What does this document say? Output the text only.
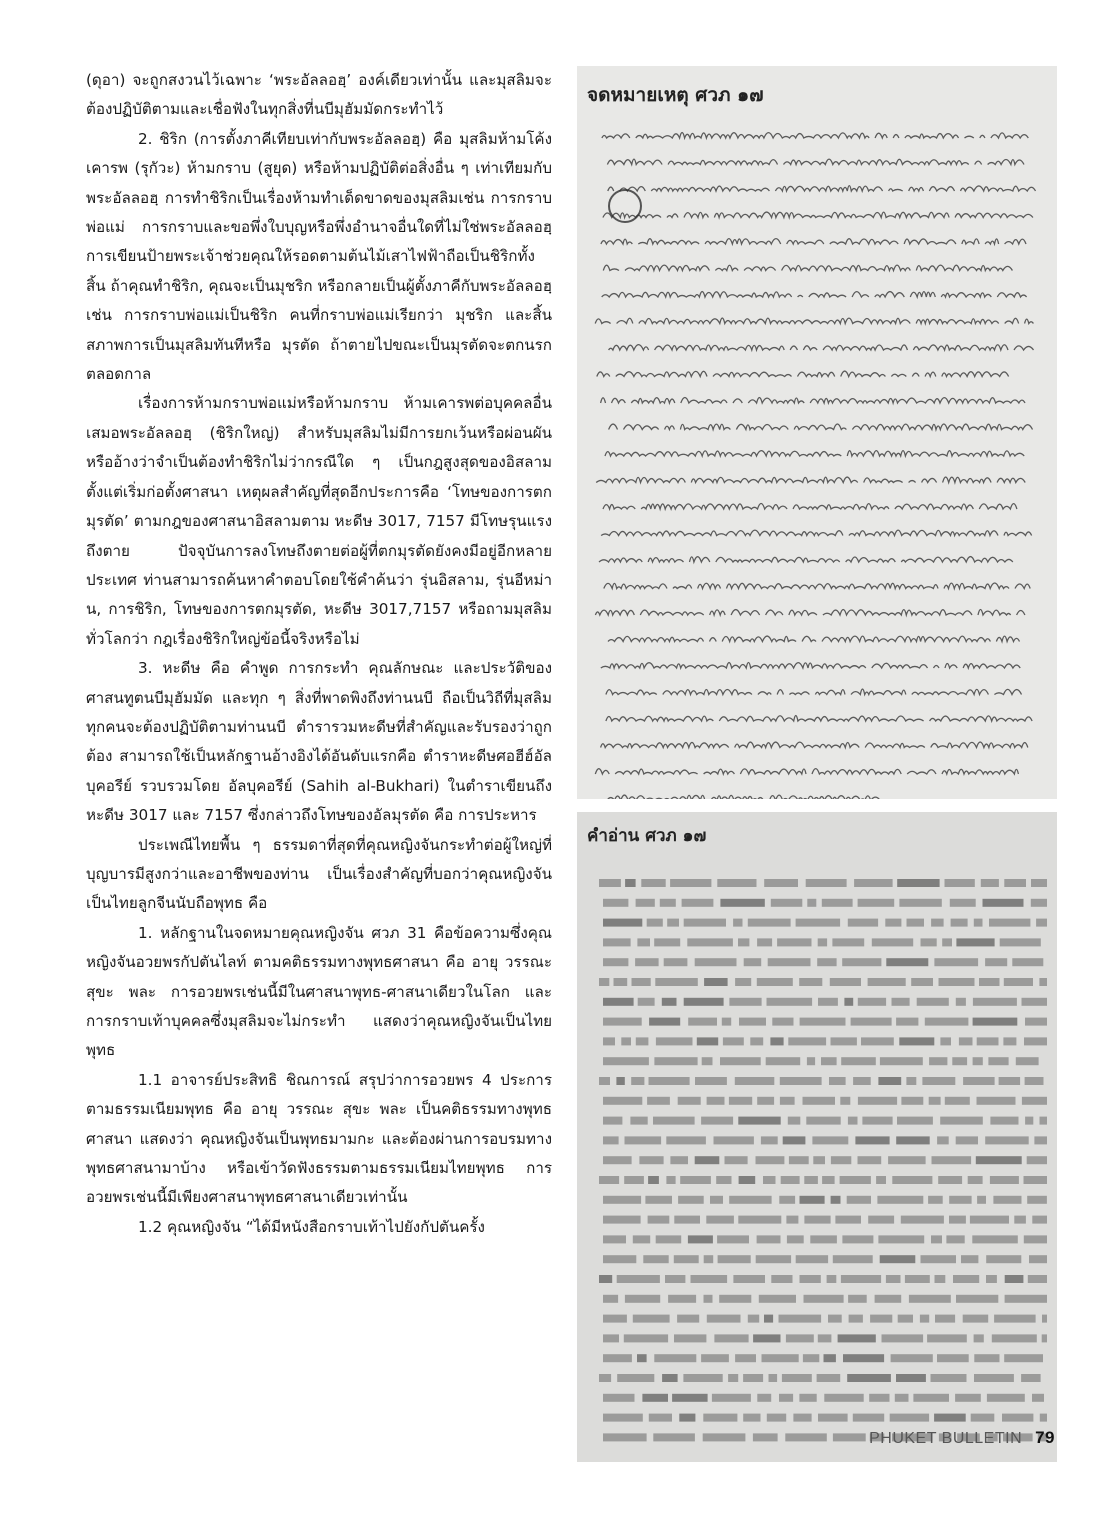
(ดุอา) จะถูกสงวนไว้เฉพาะ ‘พระอัลลอฮฺ’ องค์เดียวเท่านั้น และมุสลิมจะต้องปฏิบัติตามและเชื่อฟังในทุกสิ่งที่นบีมุฮัมมัดกระทำไว้

2. ชิริก (การตั้งภาคีเทียบเท่ากับพระอัลลอฮฺ) คือ มุสลิมห้ามโค้งเคารพ (รุกัวะ) ห้ามกราบ (สูยุด) หรือห้ามปฏิบัติต่อสิ่งอื่น ๆ เท่าเทียมกับพระอัลลอฮฺ การทำชิริกเป็นเรื่องห้ามทำเด็ดขาดของมุสลิมเช่น การกราบพ่อแม่ การกราบและขอพึ่งใบบุญหรือพึ่งอำนาจอื่นใดที่ไม่ใช่พระอัลลอฮฺ การเขียนป้ายพระเจ้าช่วยคุณให้รอดตามต้นไม้เสาไฟฟ้าถือเป็นชิริกทั้งสิ้น ถ้าคุณทำชิริก, คุณจะเป็นมุชริก หรือกลายเป็นผู้ตั้งภาคีกับพระอัลลอฮฺ เช่น การกราบพ่อแม่เป็นชิริก คนที่กราบพ่อแม่เรียกว่า มุชริก และสิ้นสภาพการเป็นมุสลิมทันทีหรือ มุรตัด ถ้าตายไปขณะเป็นมุรตัดจะตกนรกตลอดกาล

เรื่องการห้ามกราบพ่อแม่หรือห้ามกราบ ห้ามเคารพต่อบุคคลอื่นเสมอพระอัลลอฮฺ (ชิริกใหญ่) สำหรับมุสลิมไม่มีการยกเว้นหรือผ่อนผันหรืออ้างว่าจำเป็นต้องทำชิริกไม่ว่ากรณีใด ๆ เป็นกฎสูงสุดของอิสลามตั้งแต่เริ่มก่อตั้งศาสนา เหตุผลสำคัญที่สุดอีกประการคือ ‘โทษของการตกมุรตัด’ ตามกฎของศาสนาอิสลามตาม หะดีษ 3017, 7157 มีโทษรุนแรงถึงตาย ปัจจุบันการลงโทษถึงตายต่อผู้ที่ตกมุรตัดยังคงมีอยู่อีกหลายประเทศ ท่านสามารถค้นหาคำตอบโดยใช้คำค้นว่า รุ่นอิสลาม, รุ่นอีหม่าน, การชิริก, โทษของการตกมุรตัด, หะดีษ 3017,7157 หรือถามมุสลิมทั่วโลกว่า กฎเรื่องชิริกใหญ่ข้อนี้จริงหรือไม่

3. หะดีษ คือ คำพูด การกระทำ คุณลักษณะ และประวัติของศาสนทูตนบีมุฮัมมัด และทุก ๆ สิ่งที่พาดพิงถึงท่านนบี ถือเป็นวิถีที่มุสลิมทุกคนจะต้องปฏิบัติตามท่านนบี ตำรารวมหะดีษที่สำคัญและรับรองว่าถูกต้อง สามารถใช้เป็นหลักฐานอ้างอิงได้อันดับแรกคือ ตำราหะดีษศอฮีฮ์อัลบุคอรีย์ รวบรวมโดย อัลบุคอรีย์ (Sahih al-Bukhari) ในตำราเขียนถึง หะดีษ 3017 และ 7157 ซึ่งกล่าวถึงโทษของอัลมุรตัด คือ การประหาร

ประเพณีไทยพื้น ๆ ธรรมดาที่สุดที่คุณหญิงจันกระทำต่อผู้ใหญ่ที่บุญบารมีสูงกว่าและอาชีพของท่าน เป็นเรื่องสำคัญที่บอกว่าคุณหญิงจันเป็นไทยลูกจีนนับถือพุทธ คือ

1. หลักฐานในจดหมายคุณหญิงจัน ศวภ 31 คือข้อความซึ่งคุณหญิงจันอวยพรกัปตันไลท์ ตามคติธรรมทางพุทธศาสนา คือ อายุ วรรณะ สุขะ พละ การอวยพรเช่นนี้มีในศาสนาพุทธ-ศาสนาเดียวในโลก และการกราบเท้าบุคคลซึ่งมุสลิมจะไม่กระทำ แสดงว่าคุณหญิงจันเป็นไทยพุทธ

1.1 อาจารย์ประสิทธิ ชิณการณ์ สรุปว่าการอวยพร 4 ประการตามธรรมเนียมพุทธ คือ อายุ วรรณะ สุขะ พละ เป็นคติธรรมทางพุทธศาสนา แสดงว่า คุณหญิงจันเป็นพุทธมามกะ และต้องผ่านการอบรมทางพุทธศาสนามาบ้าง หรือเข้าวัดฟังธรรมตามธรรมเนียมไทยพุทธ การอวยพรเช่นนี้มีเพียงศาสนาพุทธศาสนาเดียวเท่านั้น

1.2 คุณหญิงจัน “ได้มีหนังสือกราบเท้าไปยังกัปตันครั้ง

จดหมายเหตุ ศวภ ๑๗
คำอ่าน ศวภ ๑๗
PHUKET BULLETIN 79
